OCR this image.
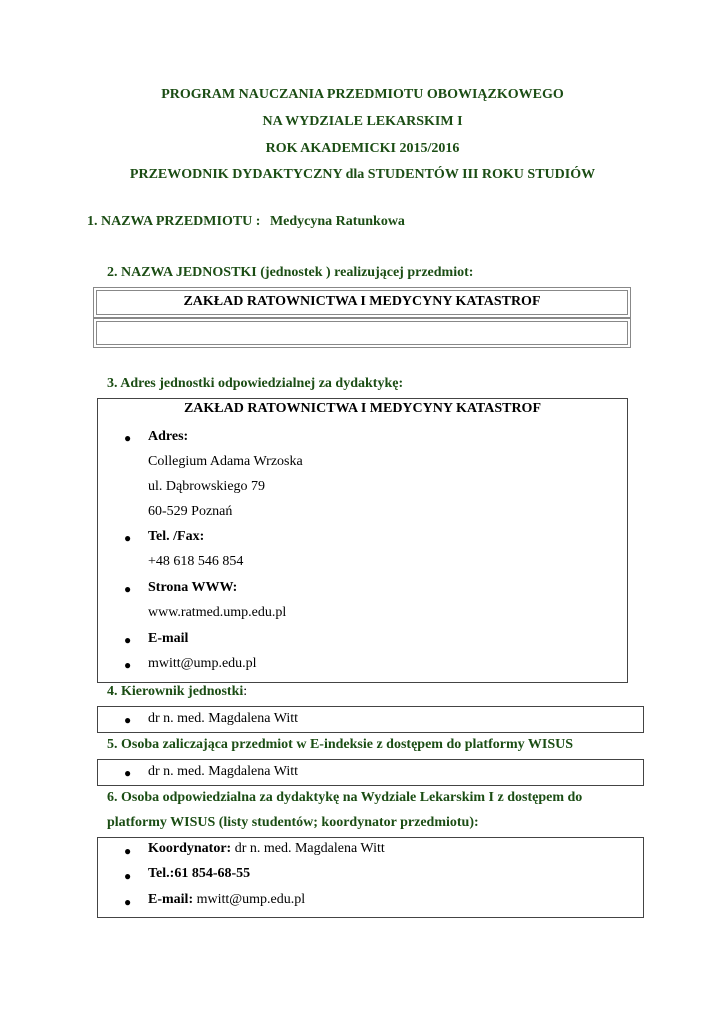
PROGRAM NAUCZANIA PRZEDMIOTU OBOWIĄZKOWEGO
NA WYDZIALE LEKARSKIM I
ROK AKADEMICKI 2015/2016
PRZEWODNIK DYDAKTYCZNY dla STUDENTÓW III ROKU STUDIÓW
1. NAZWA PRZEDMIOTU : Medycyna Ratunkowa
2. NAZWA JEDNOSTKI (jednostek ) realizującej przedmiot:
ZAKŁAD RATOWNICTWA I MEDYCYNY KATASTROF
3. Adres jednostki odpowiedzialnej za dydaktykę:
ZAKŁAD RATOWNICTWA I MEDYCYNY KATASTROF
● Adres:
Collegium Adama Wrzoska
ul. Dąbrowskiego 79
60-529 Poznań
● Tel. /Fax:
+48 618 546 854
● Strona WWW:
www.ratmed.ump.edu.pl
● E-mail
● mwitt@ump.edu.pl
4. Kierownik jednostki:
● dr n. med. Magdalena Witt
5. Osoba zaliczająca przedmiot w E-indeksie z dostępem do platformy WISUS
● dr n. med. Magdalena Witt
6. Osoba odpowiedzialna za dydaktykę na Wydziale Lekarskim I z dostępem do
platformy WISUS (listy studentów; koordynator przedmiotu):
● Koordynator: dr n. med. Magdalena Witt
● Tel.:61 854-68-55
● E-mail: mwitt@ump.edu.pl
